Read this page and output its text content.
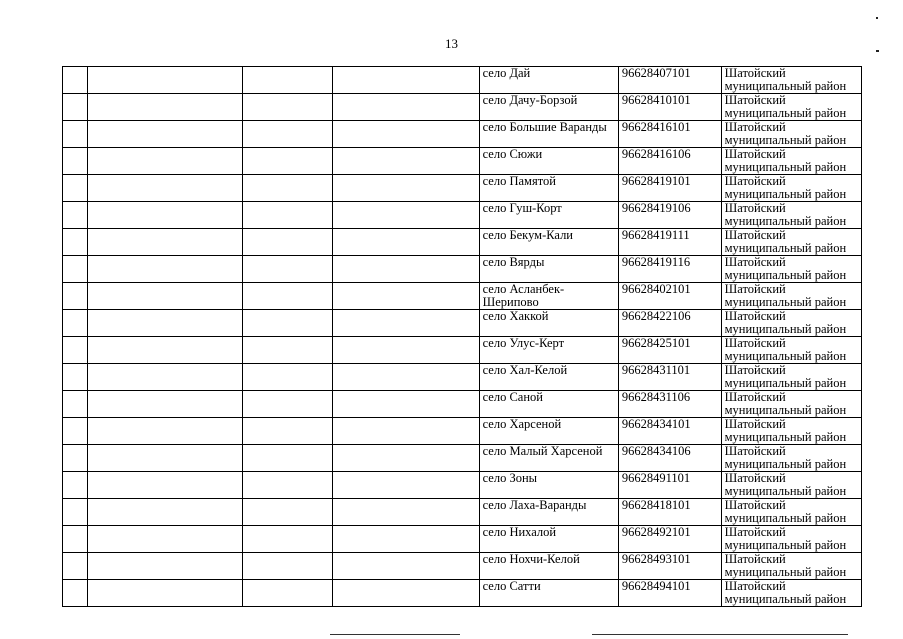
13
				село Дай	96628407101	Шатойский муниципальный район
				село Дачу-Борзой	96628410101	Шатойский муниципальный район
				село Большие Варанды	96628416101	Шатойский муниципальный район
				село Сюжи	96628416106	Шатойский муниципальный район
				село Памятой	96628419101	Шатойский муниципальный район
				село Гуш-Корт	96628419106	Шатойский муниципальный район
				село Бекум-Кали	96628419111	Шатойский муниципальный район
				село Вярды	96628419116	Шатойский муниципальный район
				село Асланбек-Шерипово	96628402101	Шатойский муниципальный район
				село Хаккой	96628422106	Шатойский муниципальный район
				село Улус-Керт	96628425101	Шатойский муниципальный район
				село Хал-Келой	96628431101	Шатойский муниципальный район
				село Саной	96628431106	Шатойский муниципальный район
				село Харсеной	96628434101	Шатойский муниципальный район
				село Малый Харсеной	96628434106	Шатойский муниципальный район
				село Зоны	96628491101	Шатойский муниципальный район
				село Лаха-Варанды	96628418101	Шатойский муниципальный район
				село Нихалой	96628492101	Шатойский муниципальный район
				село Нохчи-Келой	96628493101	Шатойский муниципальный район
				село Сатти	96628494101	Шатойский муниципальный район
